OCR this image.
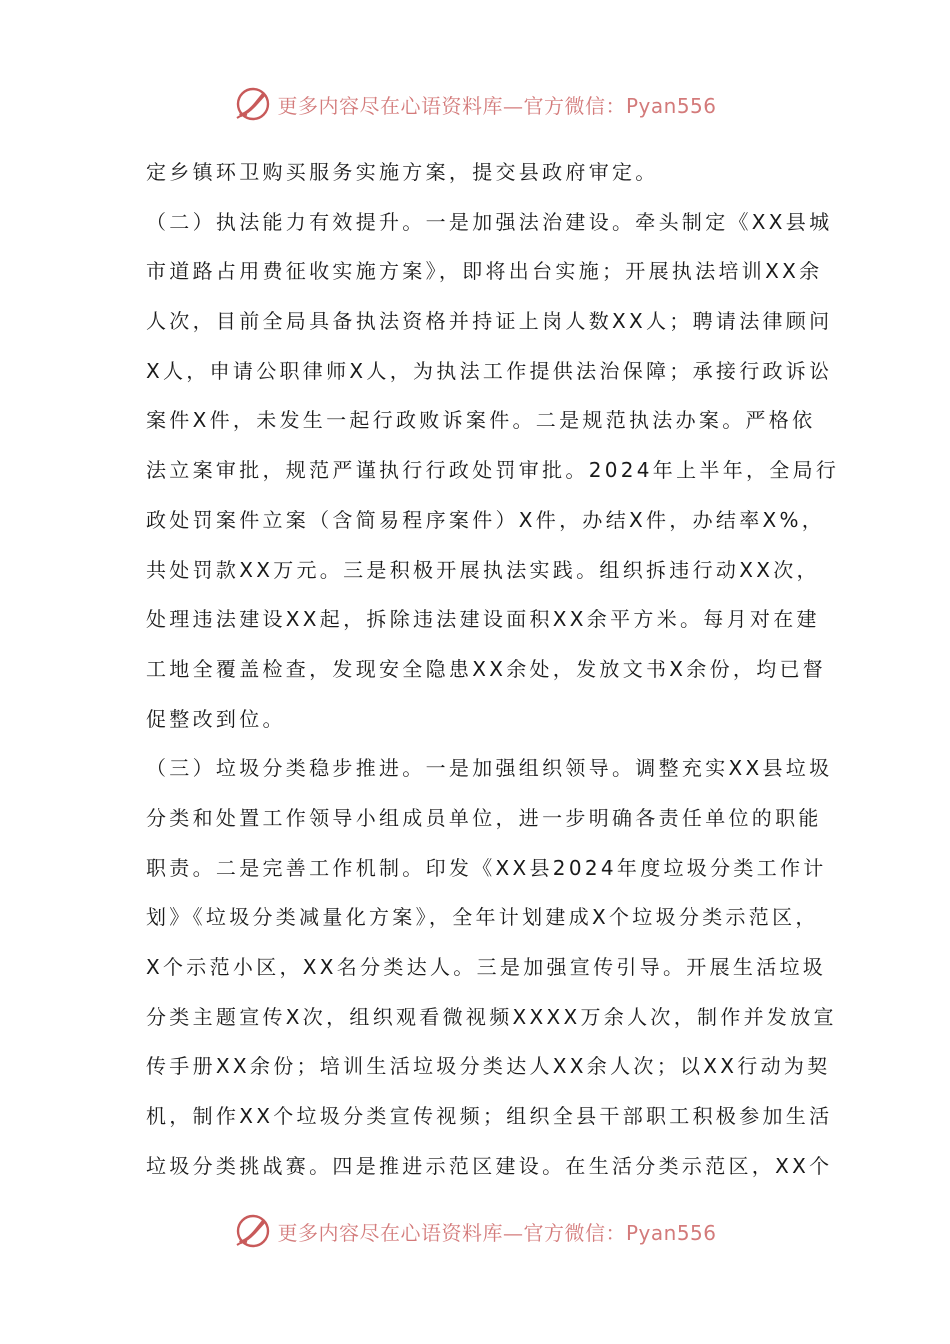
更多内容尽在心语资料库—官方微信：Pyan556
定乡镇环卫购买服务实施方案，提交县政府审定。
（二）执法能力有效提升。一是加强法治建设。牵头制定《XX县城
市道路占用费征收实施方案》，即将出台实施；开展执法培训XX余
人次，目前全局具备执法资格并持证上岗人数XX人；聘请法律顾问
X人，申请公职律师X人，为执法工作提供法治保障；承接行政诉讼
案件X件，未发生一起行政败诉案件。二是规范执法办案。严格依
法立案审批，规范严谨执行行政处罚审批。2024年上半年，全局行
政处罚案件立案（含简易程序案件）X件，办结X件，办结率X%，
共处罚款XX万元。三是积极开展执法实践。组织拆违行动XX次，
处理违法建设XX起，拆除违法建设面积XX余平方米。每月对在建
工地全覆盖检查，发现安全隐患XX余处，发放文书X余份，均已督
促整改到位。
（三）垃圾分类稳步推进。一是加强组织领导。调整充实XX县垃圾
分类和处置工作领导小组成员单位，进一步明确各责任单位的职能
职责。二是完善工作机制。印发《XX县2024年度垃圾分类工作计
划》《垃圾分类减量化方案》，全年计划建成X个垃圾分类示范区，
X个示范小区，XX名分类达人。三是加强宣传引导。开展生活垃圾
分类主题宣传X次，组织观看微视频XXXX万余人次，制作并发放宣
传手册XX余份；培训生活垃圾分类达人XX余人次；以XX行动为契
机，制作XX个垃圾分类宣传视频；组织全县干部职工积极参加生活
垃圾分类挑战赛。四是推进示范区建设。在生活分类示范区，XX个
更多内容尽在心语资料库—官方微信：Pyan556
